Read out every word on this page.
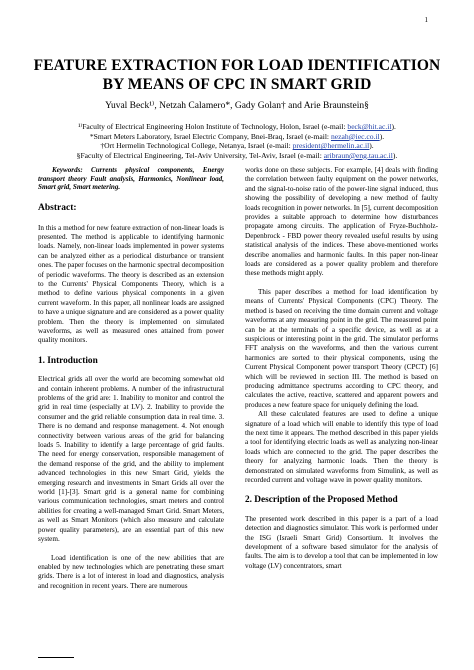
1
FEATURE EXTRACTION FOR LOAD IDENTIFICATION
BY MEANS OF CPC IN SMART GRID
Yuval Beck¹⁾, Netzah Calamero*, Gady Golan† and Arie Braunstein§
¹⁾Faculty of Electrical Engineering Holon Institute of Technology, Holon, Israel (e-mail: beck@hit.ac.il).
*Smart Meters Laboratory, Israel Electric Company, Bnei-Braq, Israel (e-mail: nezah@iec.co.il).
†Ort Hermelin Technological College, Netanya, Israel (e-mail: president@hermelin.ac.il).
§Faculty of Electrical Engineering, Tel-Aviv University, Tel-Aviv, Israel (e-mail: aribraun@eng.tau.ac.il).

Keywords: Currents physical components, Energy transport theory Fault analysis, Harmonics, Nonlinear load, Smart grid, Smart metering.

Abstract:

In this a method for new feature extraction of non-linear loads is presented. The method is applicable to identifying harmonic loads. Namely, non-linear loads implemented in power systems can be analyzed either as a periodical disturbance or transient ones. The paper focuses on the harmonic spectral decomposition of periodic waveforms. The theory is described as an extension to the Currents' Physical Components Theory, which is a method to define various physical components in a given current waveform. In this paper, all nonlinear loads are assigned to have a unique signature and are considered as a power quality problem. Then the theory is implemented on simulated waveforms, as well as measured ones attained from power quality monitors.

1. Introduction

Electrical grids all over the world are becoming somewhat old and contain inherent problems. A number of the infrastructural problems of the grid are: 1. Inability to monitor and control the grid in real time (especially at LV). 2. Inability to provide the consumer and the grid reliable consumption data in real time. 3. There is no demand and response management. 4. Not enough connectivity between various areas of the grid for balancing loads 5. Inability to identify a large percentage of grid faults. The need for energy conservation, responsible management of the demand response of the grid, and the ability to implement advanced technologies in this new Smart Grid, yields the emerging research and investments in Smart Grids all over the world [1]-[3]. Smart grid is a general name for combining various communication technologies, smart meters and control abilities for creating a well-managed Smart Grid. Smart Meters, as well as Smart Monitors (which also measure and calculate power quality parameters), are an essential part of this new system.

Load identification is one of the new abilities that are enabled by new technologies which are penetrating these smart grids. There is a lot of interest in load and diagnostics, analysis and recognition in recent years. There are numerous

works done on these subjects. For example, [4] deals with finding the correlation between faulty equipment on the power networks, and the signal-to-noise ratio of the power-line signal induced, thus showing the possibility of developing a new method of faulty loads recognition in power networks. In [5], current decomposition provides a suitable approach to determine how disturbances propagate among circuits. The application of Fryze-Buchholz-Depenbrock - FBD power theory revealed useful results by using statistical analysis of the indices. These above-mentioned works describe anomalies and harmonic faults. In this paper non-linear loads are considered as a power quality problem and therefore these methods might apply.

This paper describes a method for load identification by means of Currents' Physical Components (CPC) Theory. The method is based on receiving the time domain current and voltage waveforms at any measuring point in the grid. The measured point can be at the terminals of a specific device, as well as at a suspicious or interesting point in the grid. The simulator performs FFT analysis on the waveforms, and then the various current harmonics are sorted to their physical components, using the Current Physical Component power transport Theory (CPCT) [6] which will be reviewed in section III. The method is based on producing admittance spectrums according to CPC theory, and calculates the active, reactive, scattered and apparent powers and produces a new feature space for uniquely defining the load.

All these calculated features are used to define a unique signature of a load which will enable to identify this type of load the next time it appears. The method described in this paper yields a tool for identifying electric loads as well as analyzing non-linear loads which are connected to the grid. The paper describes the theory for analyzing harmonic loads. Then the theory is demonstrated on simulated waveforms from Simulink, as well as recorded current and voltage wave in power quality monitors.

2. Description of the Proposed Method

The presented work described in this paper is a part of a load detection and diagnostics simulator. This work is performed under the ISG (Israeli Smart Grid) Consortium. It involves the development of a software based simulator for the analysis of faults. The aim is to develop a tool that can be implemented in low voltage (LV) concentrators, smart
